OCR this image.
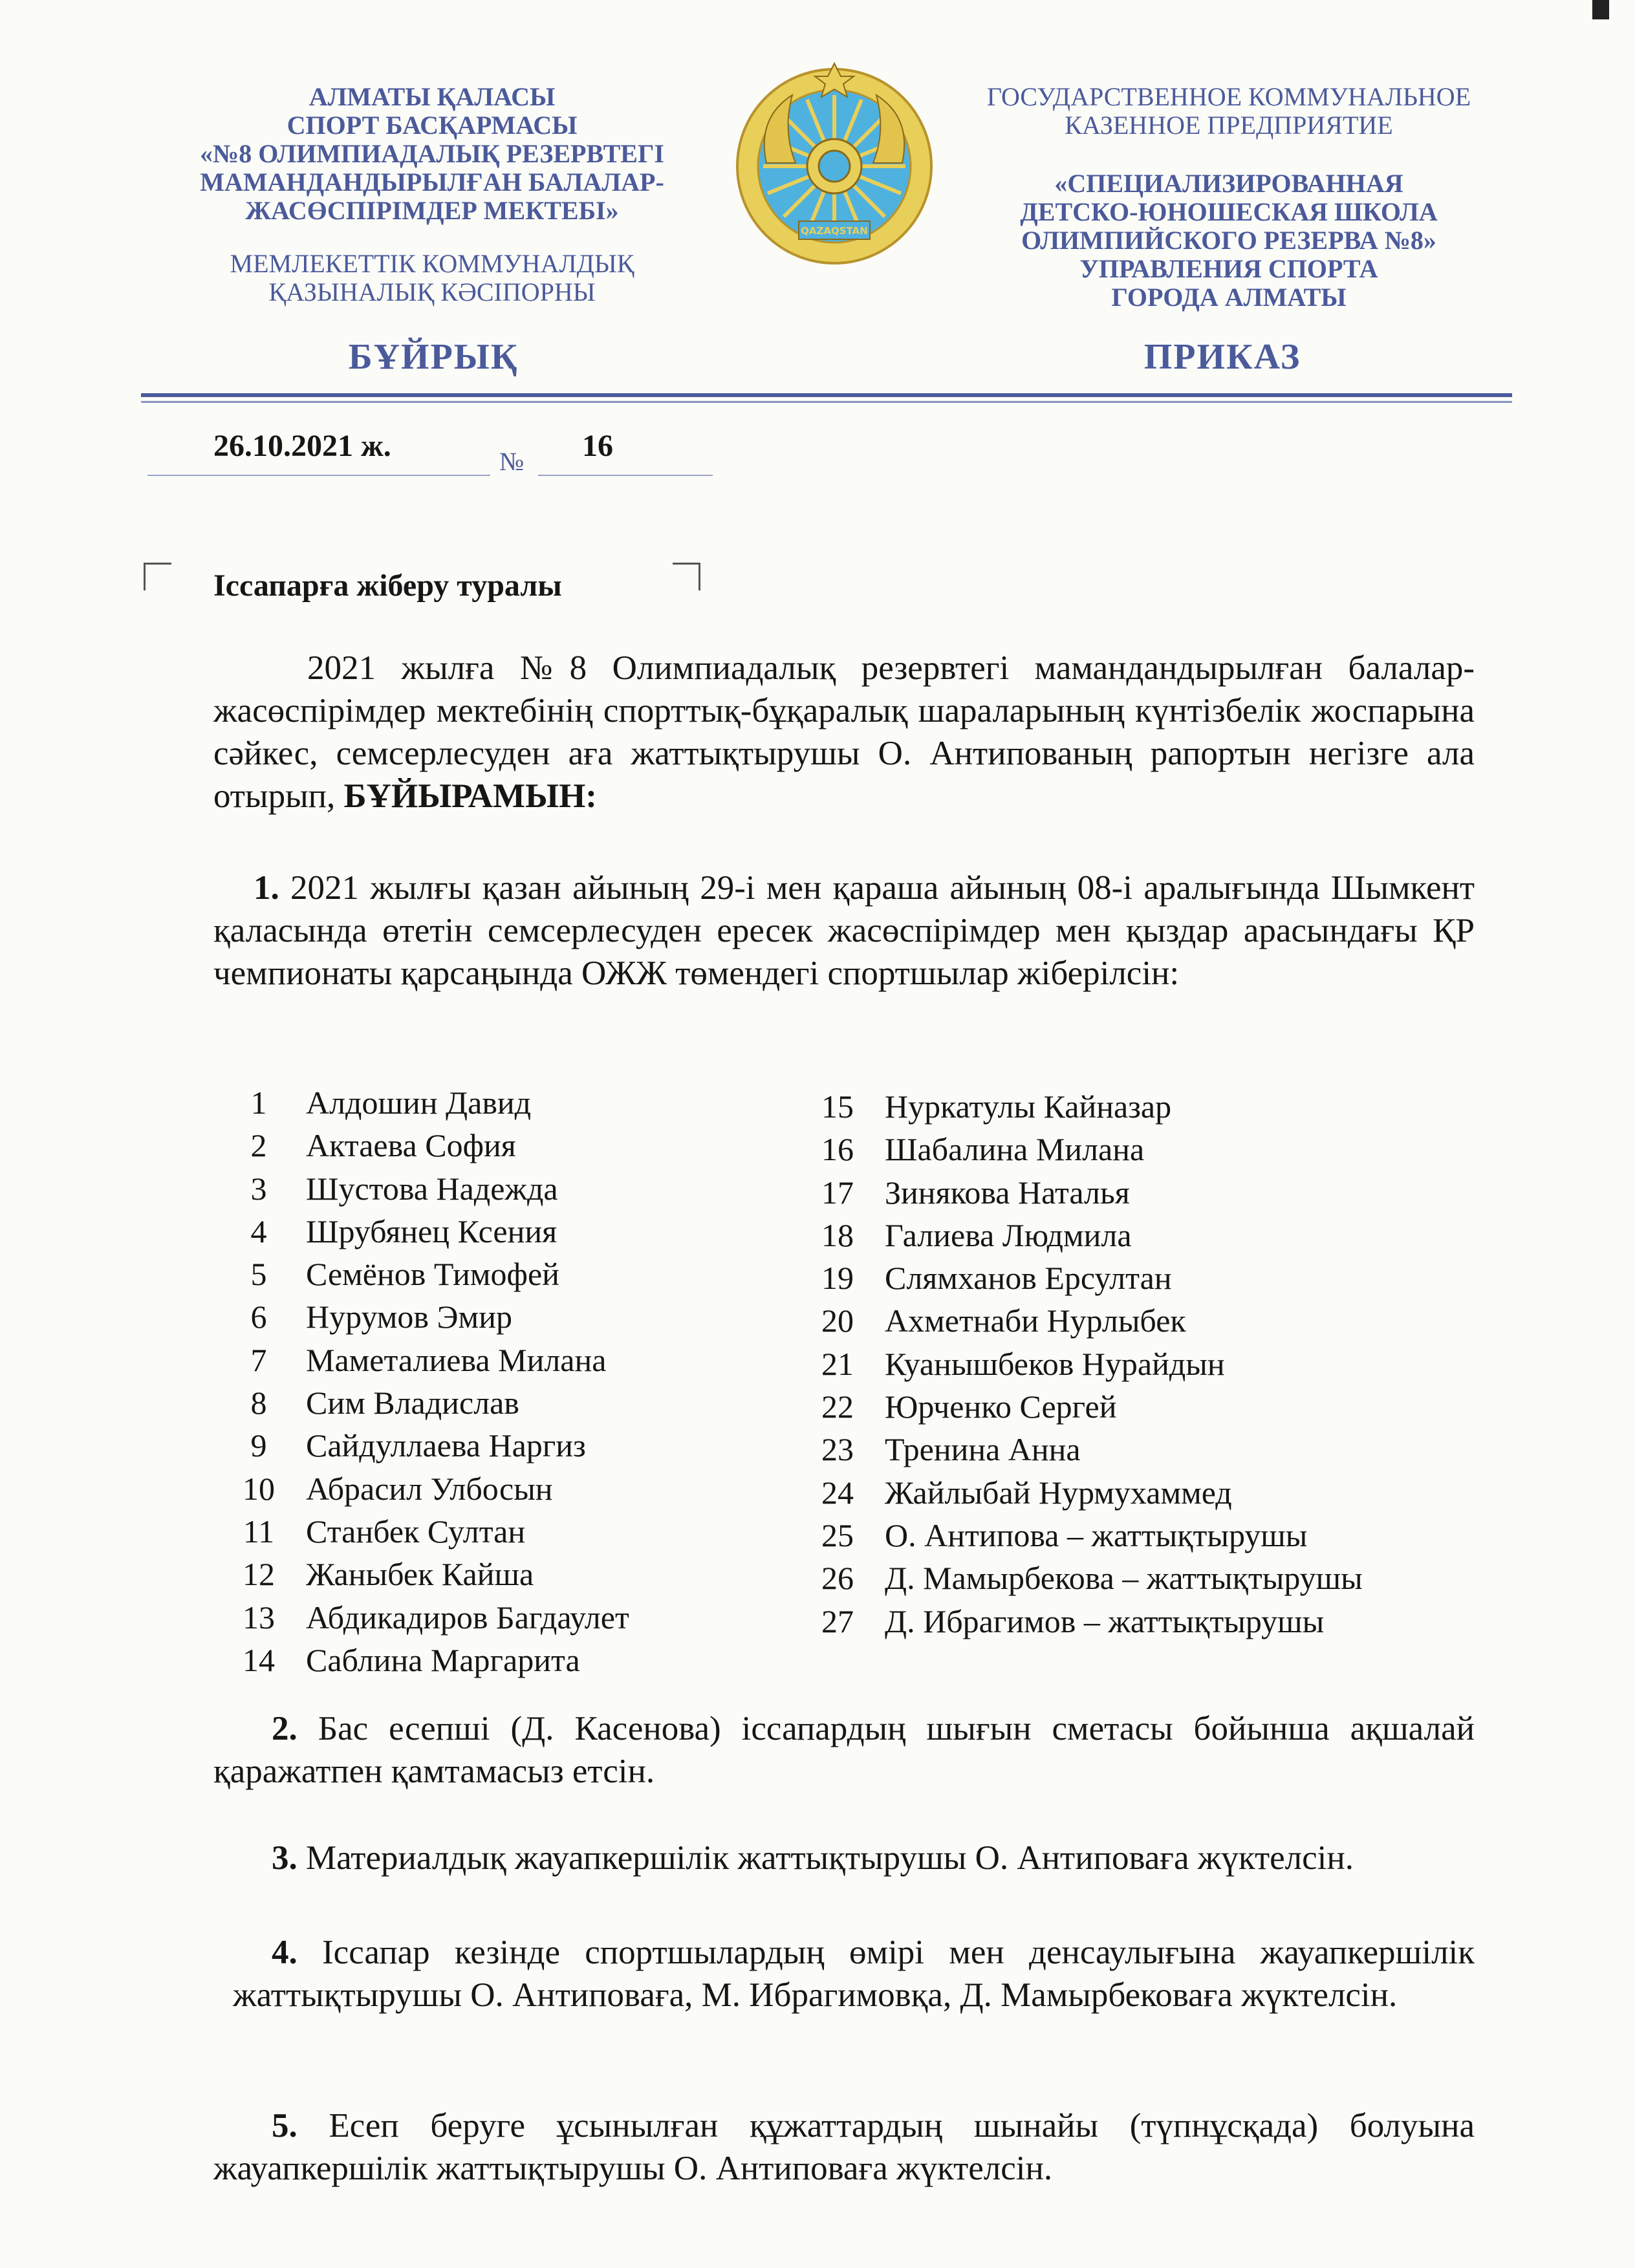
АЛМАТЫ ҚАЛАСЫ
СПОРТ БАСҚАРМАСЫ
«№8 ОЛИМПИАДАЛЫҚ РЕЗЕРВТЕГІ
МАМАНДАНДЫРЫЛҒАН БАЛАЛАР-
ЖАСӨСПІРІМДЕР МЕКТЕБІ»
МЕМЛЕКЕТТІК КОММУНАЛДЫҚ
ҚАЗЫНАЛЫҚ КӘСІПОРНЫ
ГОСУДАРСТВЕННОЕ КОММУНАЛЬНОЕ
КАЗЕННОЕ ПРЕДПРИЯТИЕ
«СПЕЦИАЛИЗИРОВАННАЯ
ДЕТСКО-ЮНОШЕСКАЯ ШКОЛА
ОЛИМПИЙСКОГО РЕЗЕРВА №8»
УПРАВЛЕНИЯ СПОРТА
ГОРОДА АЛМАТЫ
QAZAQSTAN
БҰЙРЫҚ	ПРИКАЗ
26.10.2021 ж.	№ 16
Іссапарға жіберу туралы
2021 жылға №8 Олимпиадалық резервтегі мамандандырылған балалар-жасөспірімдер мектебінің спорттық-бұқаралық шараларының күнтізбелік жоспарына сәйкес, семсерлесуден аға жаттықтырушы О. Антипованың рапортын негізге ала отырып, БҰЙЫРАМЫН:
1. 2021 жылғы қазан айының 29-і мен қараша айының 08-і аралығында Шымкент қаласында өтетін семсерлесуден ересек жасөспірімдер мен қыздар арасындағы ҚР чемпионаты қарсаңында ОЖЖ төмендегі спортшылар жіберілсін:
1	Алдошин Давид
2	Актаева София
3	Шустова Надежда
4	Шрубянец Ксения
5	Семёнов Тимофей
6	Нурумов Эмир
7	Маметалиева Милана
8	Сим Владислав
9	Сайдуллаева Наргиз
10 Абрасил Улбосын
11 Станбек Султан
12 Жаныбек Кайша
13 Абдикадиров Багдаулет
14 Саблина Маргарита
15 Нуркатулы Кайназар
16 Шабалина Милана
17 Зинякова Наталья
18 Галиева Людмила
19 Слямханов Ерсултан
20 Ахметнаби Нурлыбек
21 Куанышбеков Нурайдын
22 Юрченко Сергей
23 Тренина Анна
24 Жайлыбай Нурмухаммед
25 О. Антипова – жаттықтырушы
26 Д. Мамырбекова – жаттықтырушы
27 Д. Ибрагимов – жаттықтырушы
2. Бас есепші (Д. Касенова) іссапардың шығын сметасы бойынша ақшалай қаражатпен қамтамасыз етсін.
3. Материалдық жауапкершілік жаттықтырушы О. Антиповаға жүктелсін.
4. Іссапар кезінде спортшылардың өмірі мен денсаулығына жауапкершілік жаттықтырушы О. Антиповаға, М. Ибрагимовқа, Д. Мамырбековаға жүктелсін.
5. Есеп беруге ұсынылған құжаттардың шынайы (түпнұсқада) болуына жауапкершілік жаттықтырушы О. Антиповаға жүктелсін.
